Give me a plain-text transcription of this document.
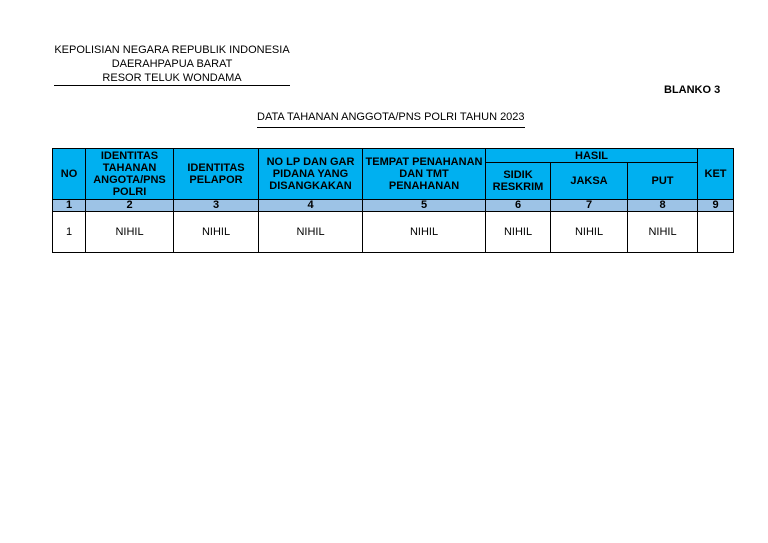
KEPOLISIAN NEGARA REPUBLIK INDONESIA
DAERAHPAPUA BARAT
RESOR TELUK WONDAMA
BLANKO 3
DATA TAHANAN ANGGOTA/PNS POLRI TAHUN 2023
NO	IDENTITAS TAHANAN ANGOTA/PNS POLRI	IDENTITAS PELAPOR	NO LP DAN GAR PIDANA YANG DISANGKAKAN	TEMPAT PENAHANAN DAN TMT PENAHANAN	HASIL			KET
					SIDIK RESKRIM	JAKSA	PUT	
1	2	3	4	5	6	7	8	9
1	NIHIL	NIHIL	NIHIL	NIHIL	NIHIL	NIHIL	NIHIL	
